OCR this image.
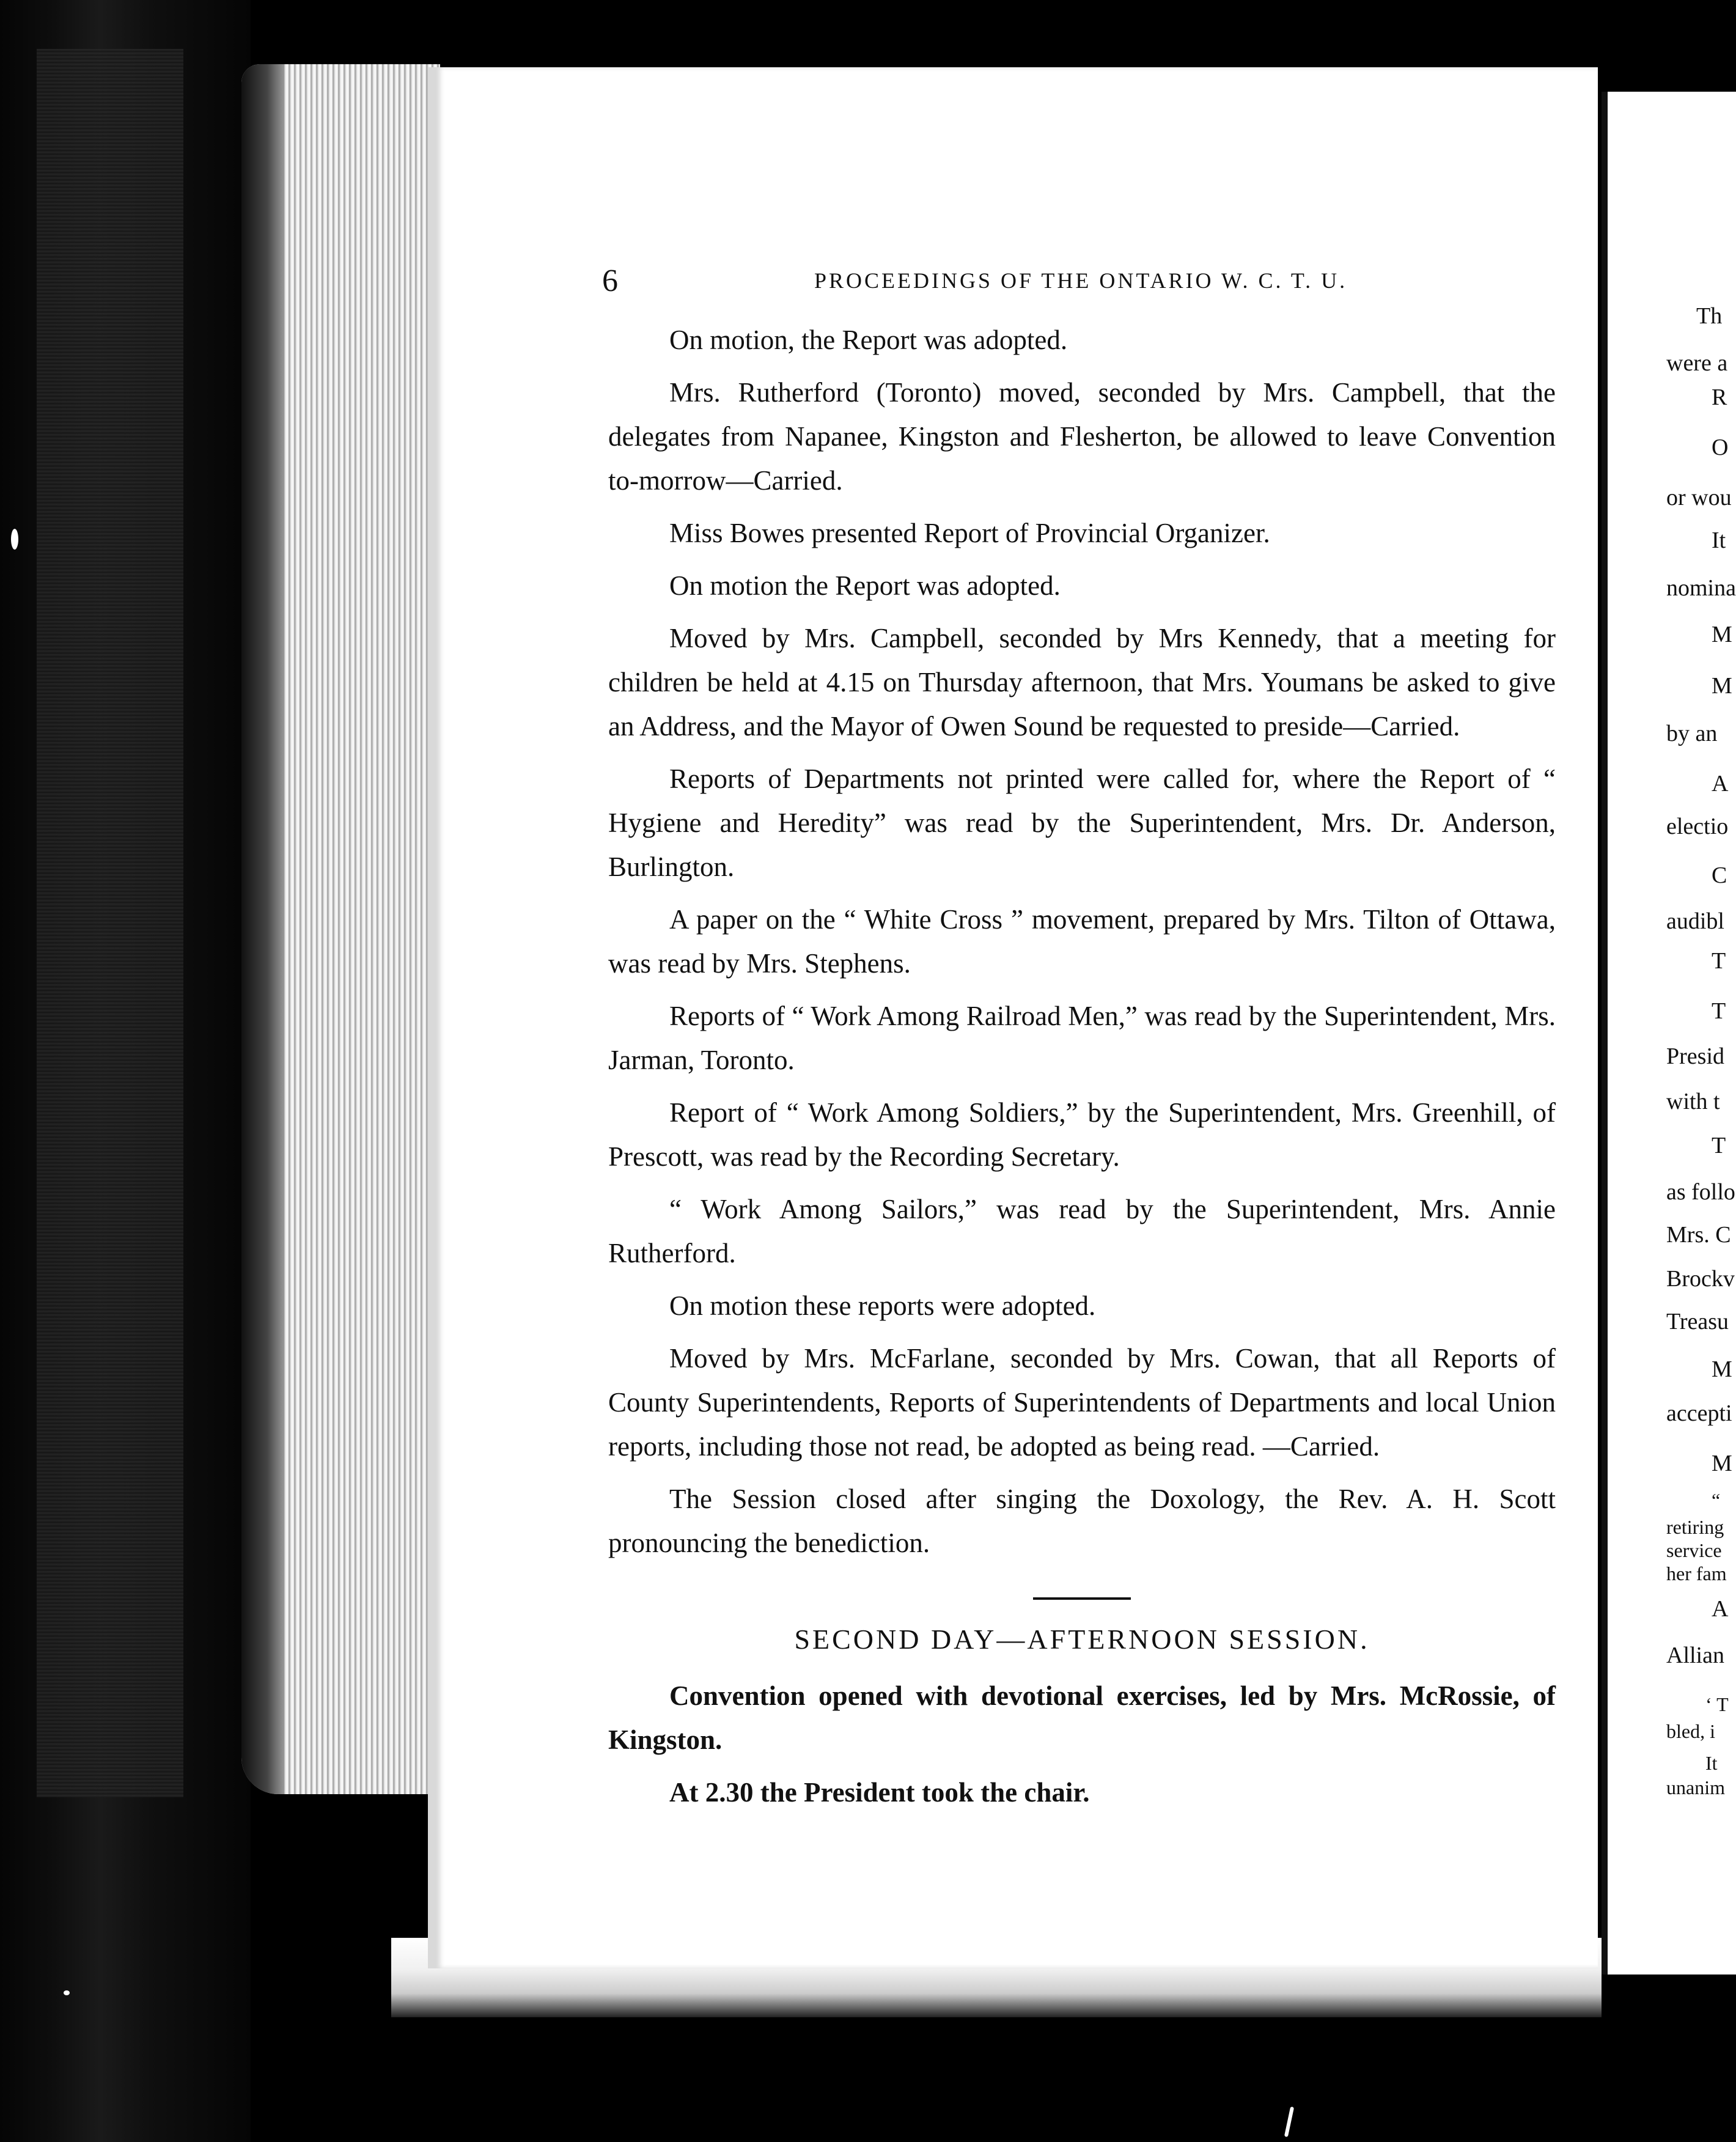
6	PROCEEDINGS OF THE ONTARIO W. C. T. U.

On motion, the Report was adopted.

Mrs. Rutherford (Toronto) moved, seconded by Mrs. Campbell, that the delegates from Napanee, Kingston and Flesherton, be allowed to leave Convention to-morrow—Carried.

Miss Bowes presented Report of Provincial Organizer.

On motion the Report was adopted.

Moved by Mrs. Campbell, seconded by Mrs Kennedy, that a meeting for children be held at 4.15 on Thursday afternoon, that Mrs. Youmans be asked to give an Address, and the Mayor of Owen Sound be requested to preside—Carried.

Reports of Departments not printed were called for, where the Report of “ Hygiene and Heredity” was read by the Superintendent, Mrs. Dr. Anderson, Burlington.

A paper on the “ White Cross ” movement, prepared by Mrs. Tilton of Ottawa, was read by Mrs. Stephens.

Reports of “ Work Among Railroad Men,” was read by the Superintendent, Mrs. Jarman, Toronto.

Report of “ Work Among Soldiers,” by the Superintendent, Mrs. Greenhill, of Prescott, was read by the Recording Secretary.

“ Work Among Sailors,” was read by the Superintendent, Mrs. Annie Rutherford.

On motion these reports were adopted.

Moved by Mrs. McFarlane, seconded by Mrs. Cowan, that all Reports of County Superintendents, Reports of Superintendents of Departments and local Union reports, including those not read, be adopted as being read. —Carried.

The Session closed after singing the Doxology, the Rev. A. H. Scott pronouncing the benediction.

SECOND DAY—AFTERNOON SESSION.

Convention opened with devotional exercises, led by Mrs. McRossie, of Kingston.

At 2.30 the President took the chair.

Th
were a
R
O
or wou
It
nomina
M
M
by an
A
electio
C
audibl
T
T
Presid
with t
T
as follo
Mrs. C
Brockv
Treasu
M
accepti
M
“
retiring
service
her fam
A
Allian
‘ T
bled, i
It
unanim
